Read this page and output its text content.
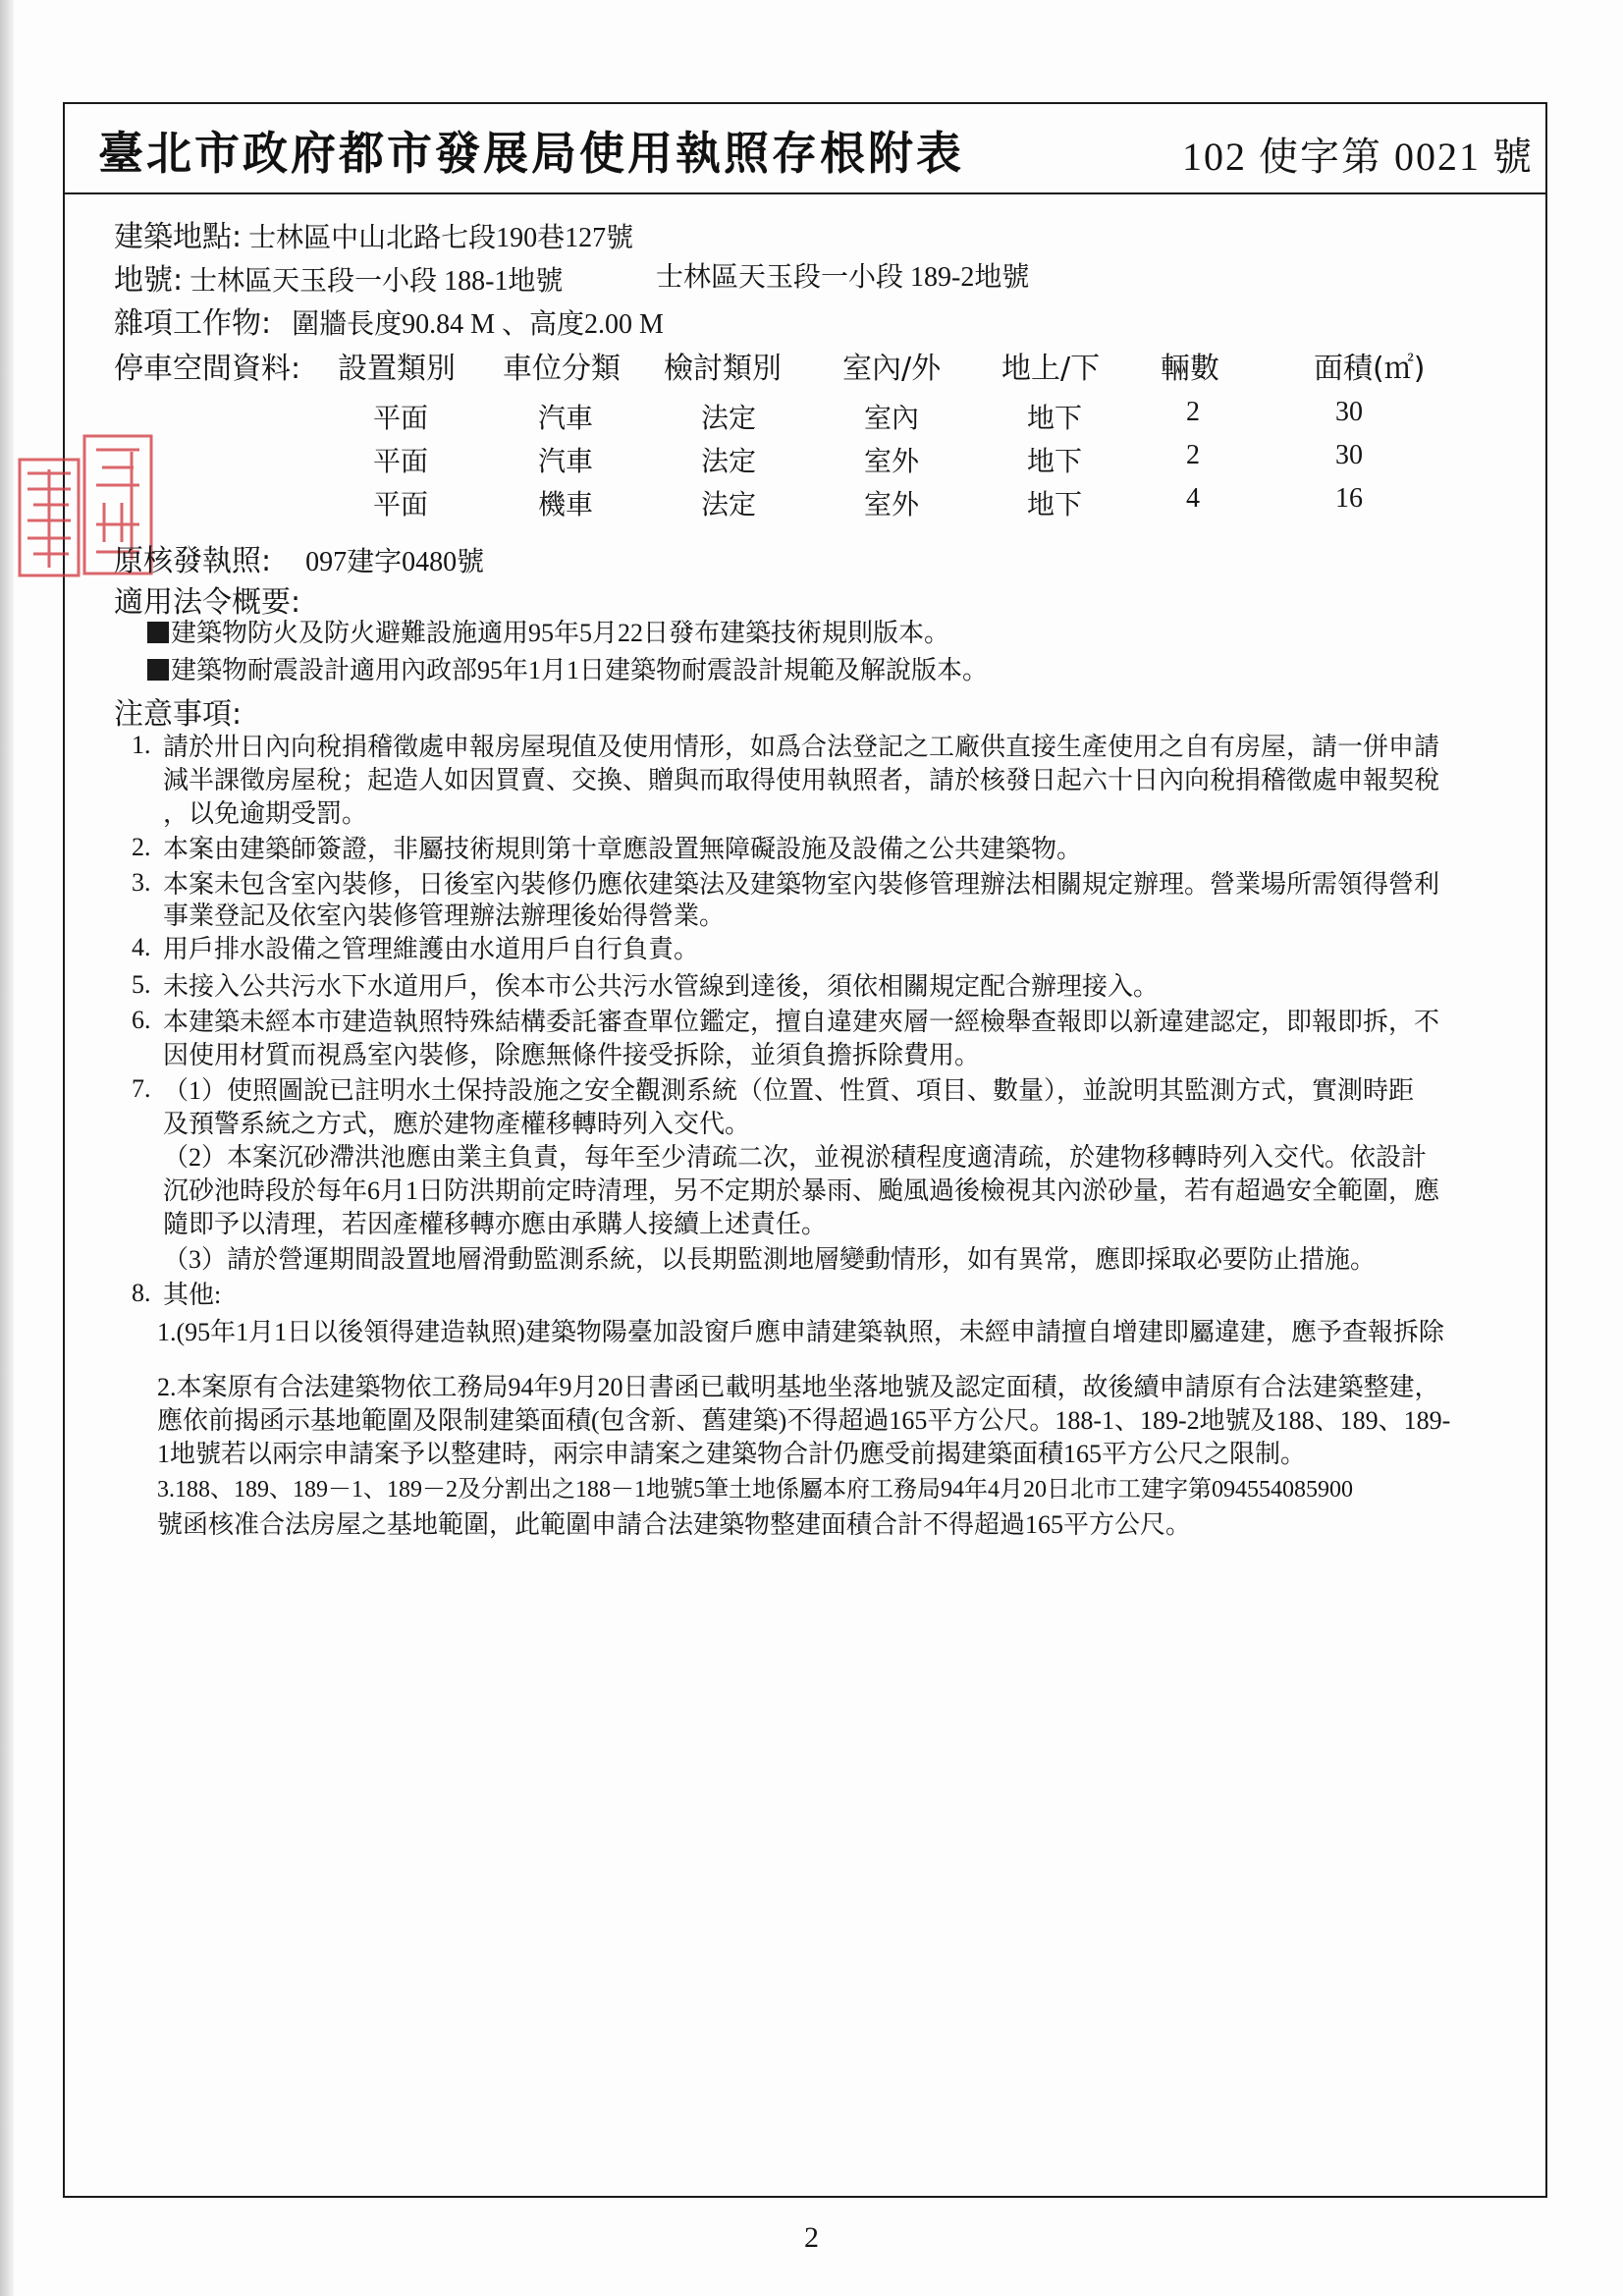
臺北市政府都市發展局使用執照存根附表	102 使字第 0021 號
建築地點: 士林區中山北路七段190巷127號
地號: 士林區天玉段一小段 188-1地號	士林區天玉段一小段 189-2地號
雜項工作物: 圍牆長度90.84 M 、高度2.00 M
停車空間資料: 設置類別 車位分類 檢討類別 室內/外 地上/下 輛數	面積(㎡)
平面	汽車	法定	室內	地下	2	30
平面	汽車	法定	室外	地下	2	30
平面	機車	法定	室外	地下	4	16
原核發執照: 097建字0480號
適用法令概要:
建築物防火及防火避難設施適用95年5月22日發布建築技術規則版本。
建築物耐震設計適用內政部95年1月1日建築物耐震設計規範及解說版本。
注意事項:
1. 請於卅日內向稅捐稽徵處申報房屋現值及使用情形，如爲合法登記之工廠供直接生產使用之自有房屋，請一併申請
減半課徵房屋稅；起造人如因買賣、交換、贈與而取得使用執照者，請於核發日起六十日內向稅捐稽徵處申報契稅
，以免逾期受罰。
2. 本案由建築師簽證，非屬技術規則第十章應設置無障礙設施及設備之公共建築物。
3. 本案未包含室內裝修，日後室內裝修仍應依建築法及建築物室內裝修管理辦法相關規定辦理。營業場所需領得營利
事業登記及依室內裝修管理辦法辦理後始得營業。
4. 用戶排水設備之管理維護由水道用戶自行負責。
5. 未接入公共污水下水道用戶，俟本市公共污水管線到達後，須依相關規定配合辦理接入。
6. 本建築未經本市建造執照特殊結構委託審查單位鑑定，擅自違建夾層一經檢舉查報即以新違建認定，即報即拆，不
因使用材質而視爲室內裝修，除應無條件接受拆除，並須負擔拆除費用。
7. （1）使照圖說已註明水土保持設施之安全觀測系統（位置、性質、項目、數量），並說明其監測方式，實測時距
及預警系統之方式，應於建物產權移轉時列入交代。
（2）本案沉砂滯洪池應由業主負責，每年至少清疏二次，並視淤積程度適清疏，於建物移轉時列入交代。依設計
沉砂池時段於每年6月1日防洪期前定時清理，另不定期於暴雨、颱風過後檢視其內淤砂量，若有超過安全範圍，應
隨即予以清理，若因產權移轉亦應由承購人接續上述責任。
（3）請於營運期間設置地層滑動監測系統，以長期監測地層變動情形，如有異常，應即採取必要防止措施。
8. 其他:
1.(95年1月1日以後領得建造執照)建築物陽臺加設窗戶應申請建築執照，未經申請擅自增建即屬違建，應予查報拆除
2.本案原有合法建築物依工務局94年9月20日書函已載明基地坐落地號及認定面積，故後續申請原有合法建築整建，
應依前揭函示基地範圍及限制建築面積(包含新、舊建築)不得超過165平方公尺。188-1、189-2地號及188、189、189-
1地號若以兩宗申請案予以整建時，兩宗申請案之建築物合計仍應受前揭建築面積165平方公尺之限制。
3.188、189、189－1、189－2及分割出之188－1地號5筆土地係屬本府工務局94年4月20日北市工建字第094554085900
號函核准合法房屋之基地範圍，此範圍申請合法建築物整建面積合計不得超過165平方公尺。
2
